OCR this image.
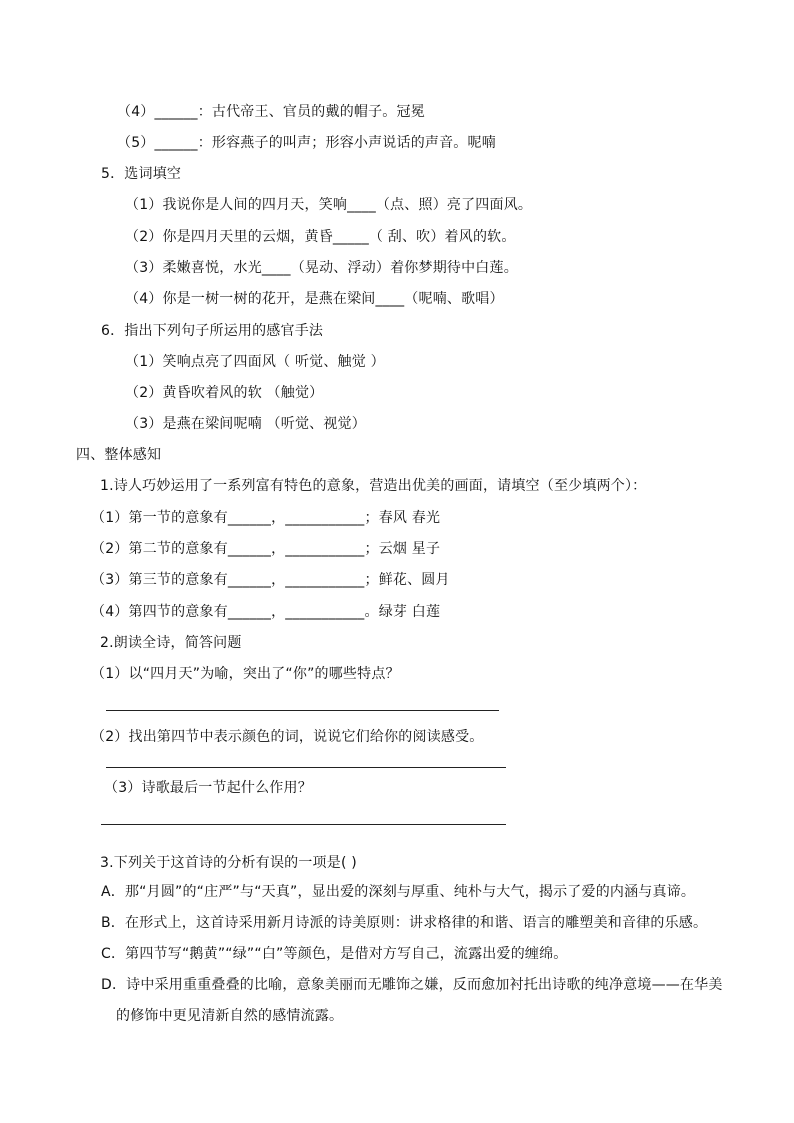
（4）______：古代帝王、官员的戴的帽子。冠冕
（5）______：形容燕子的叫声；形容小声说话的声音。呢喃
5．选词填空
（1）我说你是人间的四月天，笑响____（点、照）亮了四面风。
（2）你是四月天里的云烟，黄昏_____（ 刮、吹）着风的软。
（3）柔嫩喜悦，水光____（晃动、浮动）着你梦期待中白莲。
（4）你是一树一树的花开，是燕在梁间____（呢喃、歌唱）
6．指出下列句子所运用的感官手法
（1）笑响点亮了四面风（ 听觉、触觉 ）
（2）黄昏吹着风的软 （触觉）
（3）是燕在梁间呢喃 （听觉、视觉）
四、整体感知
1.诗人巧妙运用了一系列富有特色的意象，营造出优美的画面，请填空（至少填两个）：
（1）第一节的意象有______，___________；春风 春光
（2）第二节的意象有______，___________；云烟 星子
（3）第三节的意象有______，___________；鲜花、圆月
（4）第四节的意象有______，___________。绿芽 白莲
2.朗读全诗，简答问题
（1）以“四月天”为喻，突出了“你”的哪些特点？
（2）找出第四节中表示颜色的词，说说它们给你的阅读感受。
（3）诗歌最后一节起什么作用？
3.下列关于这首诗的分析有误的一项是( )
A．那“月圆”的“庄严”与“天真”，显出爱的深刻与厚重、纯朴与大气，揭示了爱的内涵与真谛。
B．在形式上，这首诗采用新月诗派的诗美原则：讲求格律的和谐、语言的雕塑美和音律的乐感。
C．第四节写“鹅黄”“绿”“白”等颜色，是借对方写自己，流露出爱的缠绵。
D．诗中采用重重叠叠的比喻，意象美丽而无雕饰之嫌，反而愈加衬托出诗歌的纯净意境——在华美
的修饰中更见清新自然的感情流露。
